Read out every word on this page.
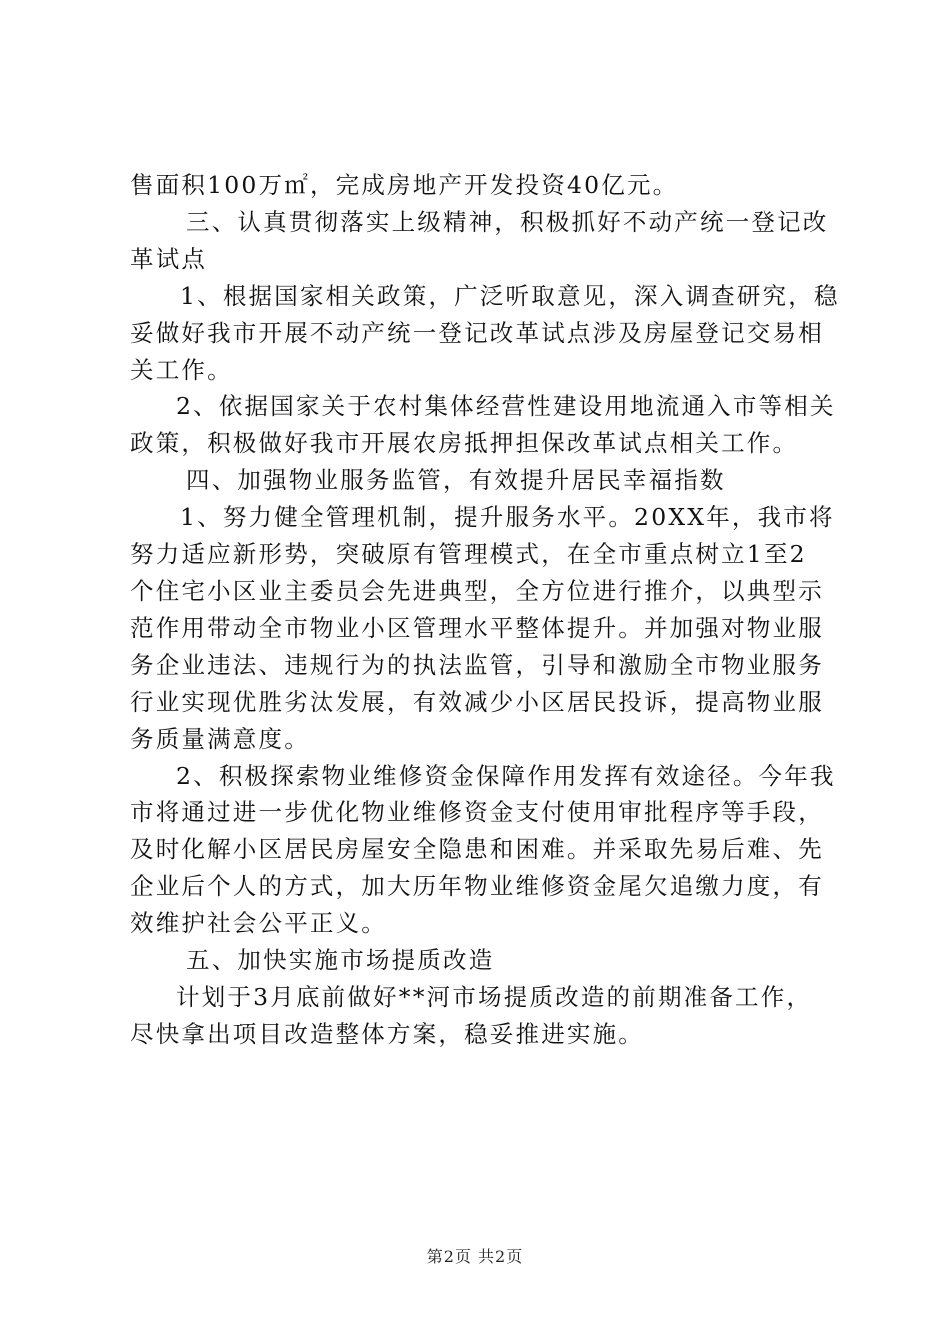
售面积100万㎡，完成房地产开发投资40亿元。

三、认真贯彻落实上级精神，积极抓好不动产统一登记改

革试点

1、根据国家相关政策，广泛听取意见，深入调查研究，稳

妥做好我市开展不动产统一登记改革试点涉及房屋登记交易相

关工作。

2、依据国家关于农村集体经营性建设用地流通入市等相关

政策，积极做好我市开展农房抵押担保改革试点相关工作。

四、加强物业服务监管，有效提升居民幸福指数

1、努力健全管理机制，提升服务水平。20XX年，我市将

努力适应新形势，突破原有管理模式，在全市重点树立1至2

个住宅小区业主委员会先进典型，全方位进行推介，以典型示

范作用带动全市物业小区管理水平整体提升。并加强对物业服

务企业违法、违规行为的执法监管，引导和激励全市物业服务

行业实现优胜劣汰发展，有效减少小区居民投诉，提高物业服

务质量满意度。

2、积极探索物业维修资金保障作用发挥有效途径。今年我

市将通过进一步优化物业维修资金支付使用审批程序等手段，

及时化解小区居民房屋安全隐患和困难。并采取先易后难、先

企业后个人的方式，加大历年物业维修资金尾欠追缴力度，有

效维护社会公平正义。

五、加快实施市场提质改造

计划于3月底前做好**河市场提质改造的前期准备工作，

尽快拿出项目改造整体方案，稳妥推进实施。

第2页 共2页
